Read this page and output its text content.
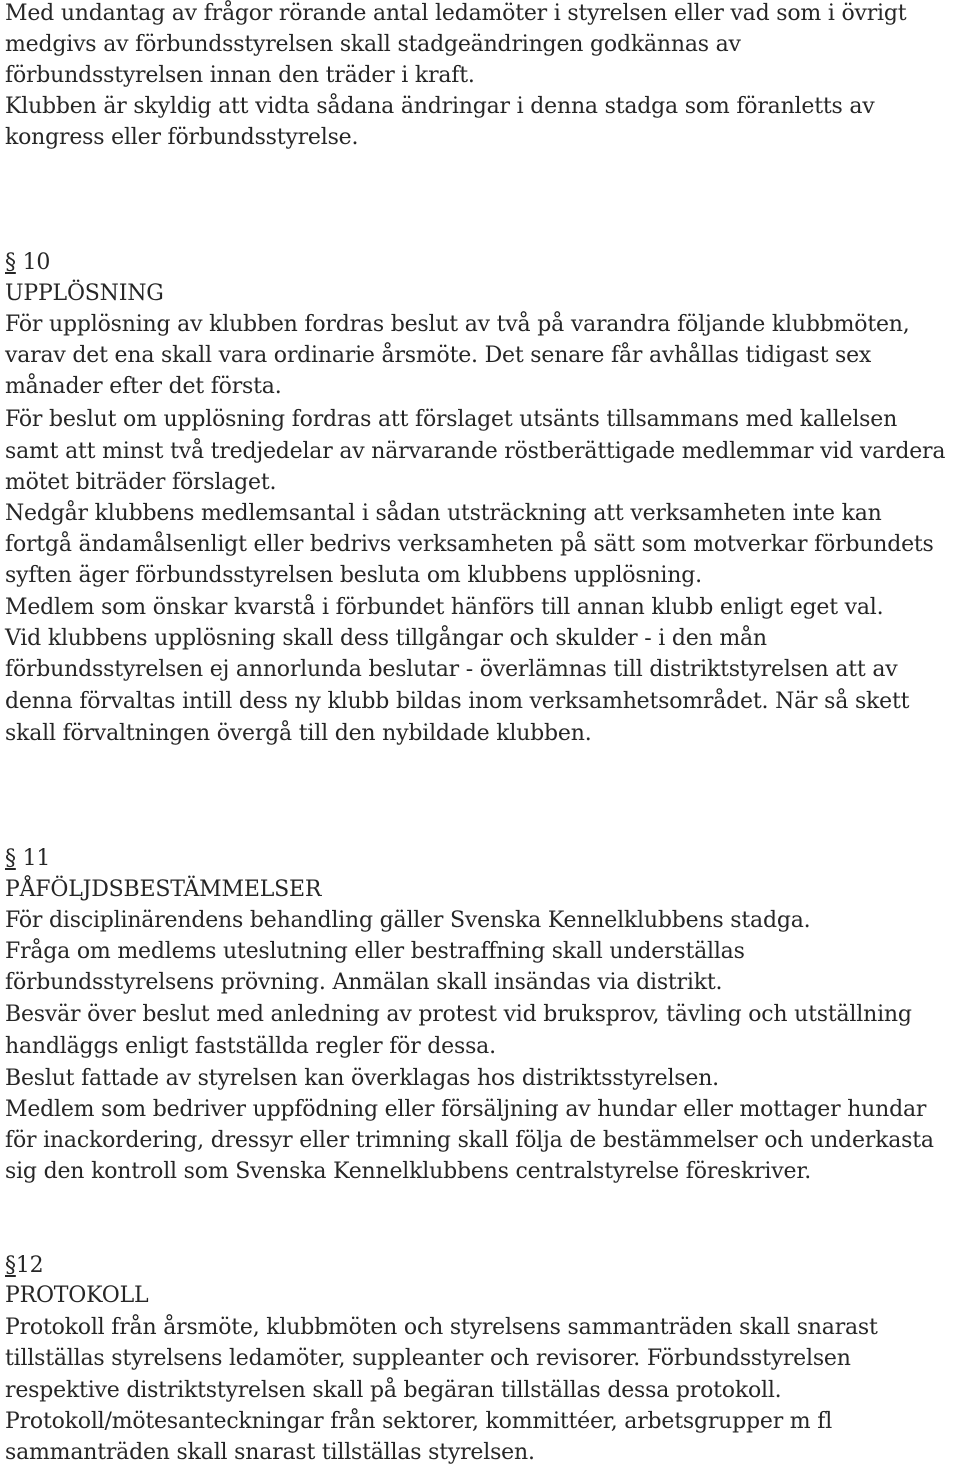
Med undantag av frågor rörande antal ledamöter i styrelsen eller vad som i övrigt
medgivs av förbundsstyrelsen skall stadgeändringen godkännas av
förbundsstyrelsen innan den träder i kraft.
Klubben är skyldig att vidta sådana ändringar i denna stadga som föranletts av
kongress eller förbundsstyrelse.
§ 10
UPPLÖSNING
För upplösning av klubben fordras beslut av två på varandra följande klubbmöten,
varav det ena skall vara ordinarie årsmöte. Det senare får avhållas tidigast sex
månader efter det första.
För beslut om upplösning fordras att förslaget utsänts tillsammans med kallelsen
samt att minst två tredjedelar av närvarande röstberättigade medlemmar vid vardera
mötet biträder förslaget.
Nedgår klubbens medlemsantal i sådan utsträckning att verksamheten inte kan
fortgå ändamålsenligt eller bedrivs verksamheten på sätt som motverkar förbundets
syften äger förbundsstyrelsen besluta om klubbens upplösning.
Medlem som önskar kvarstå i förbundet hänförs till annan klubb enligt eget val.
Vid klubbens upplösning skall dess tillgångar och skulder - i den mån
förbundsstyrelsen ej annorlunda beslutar - överlämnas till distriktstyrelsen att av
denna förvaltas intill dess ny klubb bildas inom verksamhetsområdet. När så skett
skall förvaltningen övergå till den nybildade klubben.
§ 11
PÅFÖLJDSBESTÄMMELSER
För disciplinärendens behandling gäller Svenska Kennelklubbens stadga.
Fråga om medlems uteslutning eller bestraffning skall underställas
förbundsstyrelsens prövning. Anmälan skall insändas via distrikt.
Besvär över beslut med anledning av protest vid bruksprov, tävling och utställning
handläggs enligt fastställda regler för dessa.
Beslut fattade av styrelsen kan överklagas hos distriktsstyrelsen.
Medlem som bedriver uppfödning eller försäljning av hundar eller mottager hundar
för inackordering, dressyr eller trimning skall följa de bestämmelser och underkasta
sig den kontroll som Svenska Kennelklubbens centralstyrelse föreskriver.
§12
PROTOKOLL
Protokoll från årsmöte, klubbmöten och styrelsens sammanträden skall snarast
tillställas styrelsens ledamöter, suppleanter och revisorer. Förbundsstyrelsen
respektive distriktstyrelsen skall på begäran tillställas dessa protokoll.
Protokoll/mötesanteckningar från sektorer, kommittéer, arbetsgrupper m fl
sammanträden skall snarast tillställas styrelsen.
